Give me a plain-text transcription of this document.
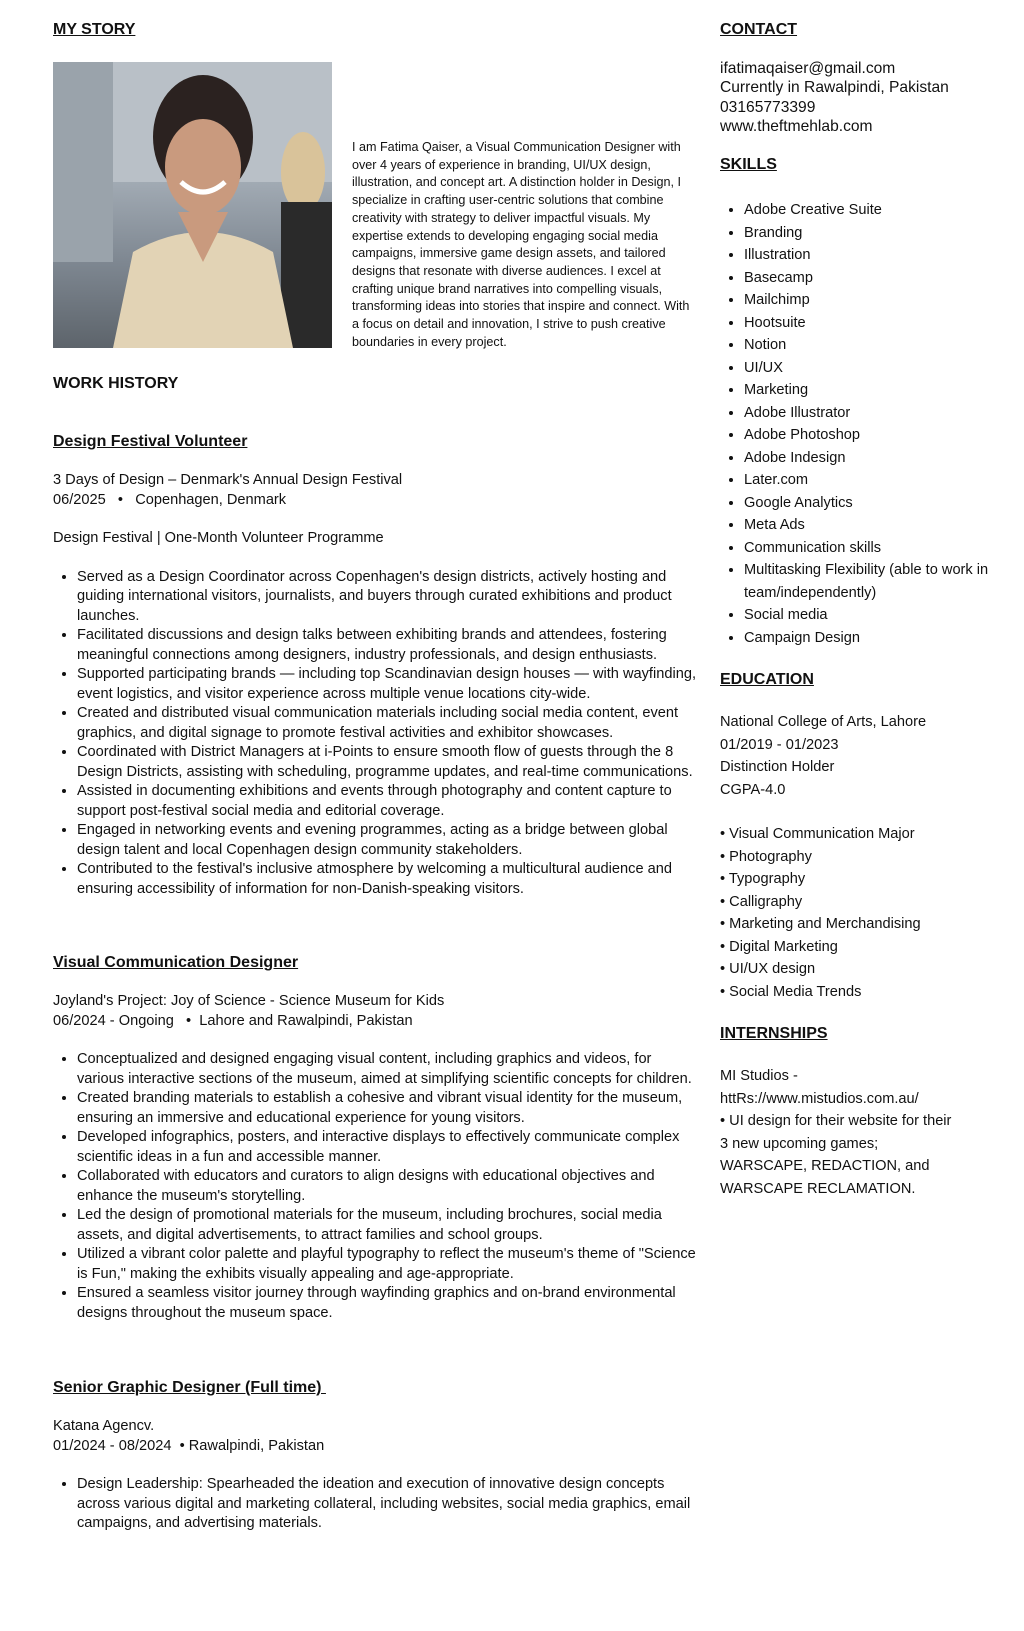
MY STORY
I am Fatima Qaiser, a Visual Communication Designer with over 4 years of experience in branding, UI/UX design, illustration, and concept art. A distinction holder in Design, I specialize in crafting user-centric solutions that combine creativity with strategy to deliver impactful visuals. My expertise extends to developing engaging social media campaigns, immersive game design assets, and tailored designs that resonate with diverse audiences. I excel at crafting unique brand narratives into compelling visuals, transforming ideas into stories that inspire and connect. With a focus on detail and innovation, I strive to push creative boundaries in every project.
WORK HISTORY
Design Festival Volunteer

3 Days of Design – Denmark's Annual Design Festival

06/2025   •   Copenhagen, Denmark

Design Festival | One-Month Volunteer Programme

• Served as a Design Coordinator across Copenhagen's design districts, actively hosting and guiding international visitors, journalists, and buyers through curated exhibitions and product launches.
• Facilitated discussions and design talks between exhibiting brands and attendees, fostering meaningful connections among designers, industry professionals, and design enthusiasts.
• Supported participating brands — including top Scandinavian design houses — with wayfinding, event logistics, and visitor experience across multiple venue locations city-wide.
• Created and distributed visual communication materials including social media content, event graphics, and digital signage to promote festival activities and exhibitor showcases.
• Coordinated with District Managers at i-Points to ensure smooth flow of guests through the 8 Design Districts, assisting with scheduling, programme updates, and real-time communications.
• Assisted in documenting exhibitions and events through photography and content capture to support post-festival social media and editorial coverage.
• Engaged in networking events and evening programmes, acting as a bridge between global design talent and local Copenhagen design community stakeholders.
• Contributed to the festival's inclusive atmosphere by welcoming a multicultural audience and ensuring accessibility of information for non-Danish-speaking visitors.
Visual Communication Designer

Joyland's Project: Joy of Science - Science Museum for Kids

06/2024 - Ongoing   •  Lahore and Rawalpindi, Pakistan

• Conceptualized and designed engaging visual content, including graphics and videos, for various interactive sections of the museum, aimed at simplifying scientific concepts for children.
• Created branding materials to establish a cohesive and vibrant visual identity for the museum, ensuring an immersive and educational experience for young visitors.
• Developed infographics, posters, and interactive displays to effectively communicate complex scientific ideas in a fun and accessible manner.
• Collaborated with educators and curators to align designs with educational objectives and enhance the museum's storytelling.
• Led the design of promotional materials for the museum, including brochures, social media assets, and digital advertisements, to attract families and school groups.
• Utilized a vibrant color palette and playful typography to reflect the museum's theme of "Science is Fun," making the exhibits visually appealing and age-appropriate.
• Ensured a seamless visitor journey through wayfinding graphics and on-brand environmental designs throughout the museum space.
Senior Graphic Designer (Full time)

Katana Agencv.

01/2024 - 08/2024  • Rawalpindi, Pakistan

• Design Leadership: Spearheaded the ideation and execution of innovative design concepts across various digital and marketing collateral, including websites, social media graphics, email campaigns, and advertising materials.
CONTACT
ifatimaqaiser@gmail.com
Currently in Rawalpindi, Pakistan
03165773399
www.theftmehlab.com
SKILLS
• Adobe Creative Suite
• Branding
• Illustration
• Basecamp
• Mailchimp
• Hootsuite
• Notion
• UI/UX
• Marketing
• Adobe Illustrator
• Adobe Photoshop
• Adobe Indesign
• Later.com
• Google Analytics
• Meta Ads
• Communication skills
• Multitasking Flexibility (able to work in team/independently)
• Social media
• Campaign Design
EDUCATION
National College of Arts, Lahore
01/2019 - 01/2023
Distinction Holder
CGPA-4.0
• Visual Communication Major
• Photography
• Typography
• Calligraphy
• Marketing and Merchandising
• Digital Marketing
• UI/UX design
• Social Media Trends
INTERNSHIPS
MI Studios -
httRs://www.mistudios.com.au/
• UI design for their website for their 3 new upcoming games; WARSCAPE, REDACTION, and WARSCAPE RECLAMATION.
